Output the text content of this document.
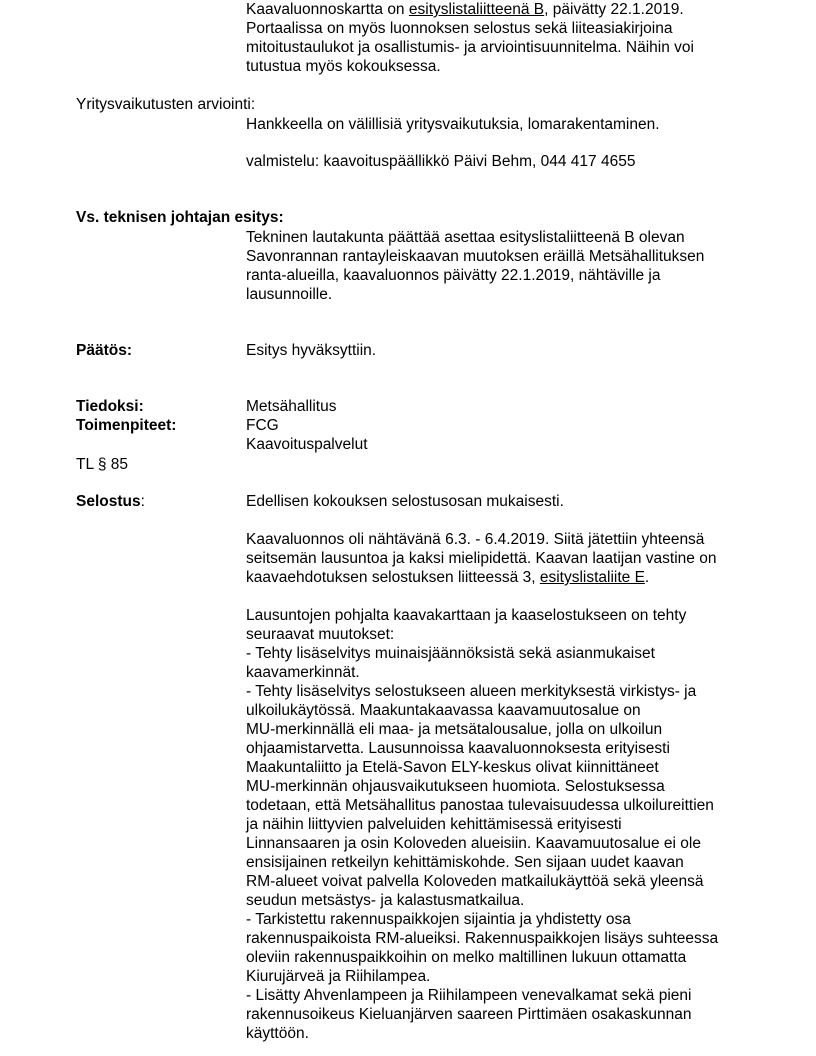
Kaavaluonnoskartta on esityslistaliitteenä B, päivätty 22.1.2019.
Portaalissa on myös luonnoksen selostus sekä liiteasiakirjoina
mitoitustaulukot ja osallistumis- ja arviointisuunnitelma. Näihin voi
tutustua myös kokouksessa.
Yritysvaikutusten arviointi:
Hankkeella on välillisiä yritysvaikutuksia, lomarakentaminen.
valmistelu: kaavoituspäällikkö Päivi Behm, 044 417 4655
Vs. teknisen johtajan esitys:
Tekninen lautakunta päättää asettaa esityslistaliitteenä B olevan
Savonrannan rantayleiskaavan muutoksen eräillä Metsähallituksen
ranta-alueilla, kaavaluonnos päivätty 22.1.2019, nähtäville ja
lausunnoille.
Päätös:	Esitys hyväksyttiin.
Tiedoksi:	Metsähallitus
Toimenpiteet:	FCG
Kaavoituspalvelut
TL § 85
Selostus:	Edellisen kokouksen selostusosan mukaisesti.
Kaavaluonnos oli nähtävänä 6.3. - 6.4.2019. Siitä jätettiin yhteensä
seitsemän lausuntoa ja kaksi mielipidettä. Kaavan laatijan vastine on
kaavaehdotuksen selostuksen liitteessä 3, esityslistaliite E.
Lausuntojen pohjalta kaavakarttaan ja kaaselostukseen on tehty
seuraavat muutokset:
- Tehty lisäselvitys muinaisjäännöksistä sekä asianmukaiset
kaavamerkinnät.
- Tehty lisäselvitys selostukseen alueen merkityksestä virkistys- ja
ulkoilukäytössä. Maakuntakaavassa kaavamuutosalue on
MU-merkinnällä eli maa- ja metsätalousalue, jolla on ulkoilun
ohjaamistarvetta. Lausunnoissa kaavaluonnoksesta erityisesti
Maakuntaliitto ja Etelä-Savon ELY-keskus olivat kiinnittäneet
MU-merkinnän ohjausvaikutukseen huomiota. Selostuksessa
todetaan, että Metsähallitus panostaa tulevaisuudessa ulkoilureittien
ja näihin liittyvien palveluiden kehittämisessä erityisesti
Linnansaaren ja osin Koloveden alueisiin. Kaavamuutosalue ei ole
ensisijainen retkeilyn kehittämiskohde. Sen sijaan uudet kaavan
RM-alueet voivat palvella Koloveden matkailukäyttöä sekä yleensä
seudun metsästys- ja kalastusmatkailua.
- Tarkistettu rakennuspaikkojen sijaintia ja yhdistetty osa
rakennuspaikoista RM-alueiksi. Rakennuspaikkojen lisäys suhteessa
oleviin rakennuspaikkoihin on melko maltillinen lukuun ottamatta
Kiurujärveä ja Riihilampea.
- Lisätty Ahvenlampeen ja Riihilampeen venevalkamat sekä pieni
rakennusoikeus Kieluanjärven saareen Pirttimäen osakaskunnan
käyttöön.
